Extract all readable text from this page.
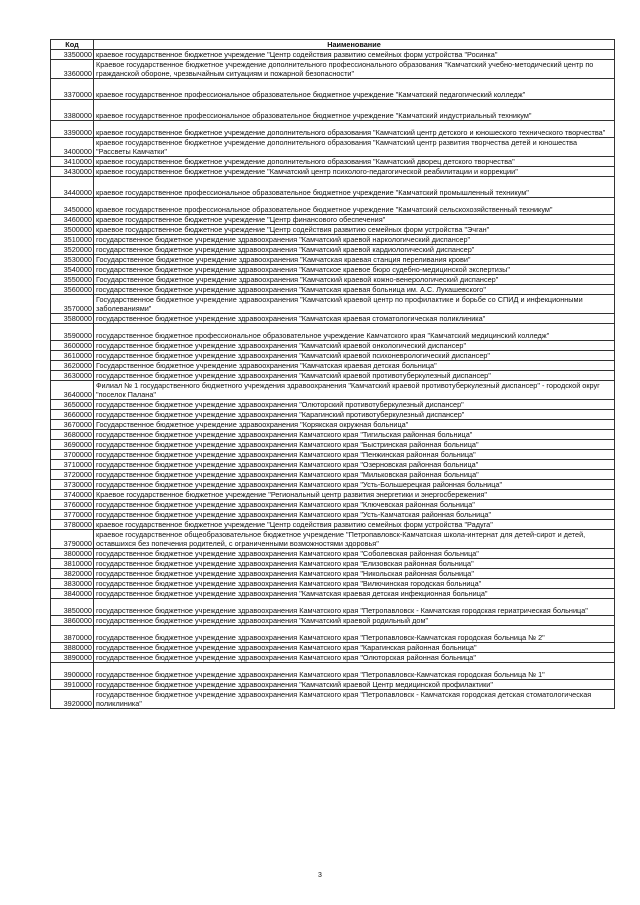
Код	Наименование
3350000	краевое государственное бюджетное учреждение "Центр содействия развитию семейных форм устройства "Росинка"
3360000	Краевое государственное бюджетное учреждение дополнительного профессионального образования "Камчатский учебно-методический центр по гражданской обороне, чрезвычайным ситуациям и пожарной безопасности"
3370000	краевое государственное профессиональное образовательное бюджетное учреждение "Камчатский педагогический колледж"
3380000	краевое государственное профессиональное образовательное бюджетное учреждение "Камчатский индустриальный техникум"
3390000	краевое государственное бюджетное учреждение дополнительного образования "Камчатский центр детского и юношеского технического творчества"
3400000	краевое государственное бюджетное учреждение дополнительного образования "Камчатский центр развития творчества детей и юношества "Рассветы Камчатки"
3410000	краевое государственное бюджетное учреждение дополнительного образования "Камчатский дворец детского творчества"
3430000	краевое государственное бюджетное учреждение "Камчатский центр психолого-педагогической реабилитации и коррекции"
3440000	краевое государственное профессиональное образовательное бюджетное учреждение "Камчатский промышленный техникум"
3450000	краевое государственное профессиональное образовательное бюджетное учреждение "Камчатский сельскохозяйственный техникум"
3460000	краевое государственное бюджетное учреждение "Центр финансового обеспечения"
3500000	краевое государственное бюджетное учреждение "Центр содействия развитию семейных форм устройства "Эчган"
3510000	государственное бюджетное учреждение здравоохранения "Камчатский краевой наркологический диспансер"
3520000	государственное бюджетное учреждение здравоохранения "Камчатский краевой кардиологический диспансер"
3530000	Государственное бюджетное учреждение здравоохранения "Камчатская краевая станция переливания крови"
3540000	государственное бюджетное учреждение здравоохранения "Камчатское краевое бюро судебно-медицинской экспертизы"
3550000	Государственное бюджетное учреждение здравоохранения "Камчатский краевой кожно-венерологический диспансер"
3560000	государственное бюджетное учреждение здравоохранения "Камчатская краевая больница им. А.С. Лукашевского"
3570000	Государственное бюджетное учреждение здравоохранения "Камчатский краевой центр по профилактике и борьбе со СПИД и инфекционными заболеваниями"
3580000	государственное бюджетное учреждение здравоохранения "Камчатская краевая стоматологическая поликлиника"
3590000	государственное бюджетное профессиональное образовательное учреждение Камчатского края "Камчатский медицинский колледж"
3600000	государственное бюджетное учреждение здравоохранения "Камчатский краевой онкологический диспансер"
3610000	государственное бюджетное учреждение здравоохранения "Камчатский краевой психоневрологический диспансер"
3620000	Государственное бюджетное учреждение здравоохранения "Камчатская краевая детская больница"
3630000	государственное бюджетное учреждение здравоохранения "Камчатский краевой противотуберкулезный диспансер"
3640000	Филиал № 1 государственного бюджетного учреждения здравоохранения "Камчатский краевой противотуберкулезный диспансер" - городской округ "поселок Палана"
3650000	государственное бюджетное учреждение здравоохранения "Олюторский противотуберкулезный диспансер"
3660000	государственное бюджетное учреждение здравоохранения "Карагинский противотуберкулезный диспансер"
3670000	Государственное бюджетное учреждение здравоохранения "Корякская окружная больница"
3680000	государственное бюджетное учреждение здравоохранения Камчатского края "Тигильская районная больница"
3690000	государственное бюджетное учреждение здравоохранения Камчатского края "Быстринская районная больница"
3700000	государственное бюджетное учреждение здравоохранения Камчатского края "Пенжинская районная больница"
3710000	государственное бюджетное учреждение здравоохранения Камчатского края "Озерновская районная больница"
3720000	государственное бюджетное учреждение здравоохранения Камчатского края "Мильковская районная больница"
3730000	государственное бюджетное учреждение здравоохранения Камчатского края "Усть-Большерецкая районная больница"
3740000	Краевое государственное бюджетное учреждение "Региональный центр развития энергетики и энергосбережения"
3760000	государственное бюджетное учреждение здравоохранения Камчатского края "Ключевская районная больница"
3770000	государственное бюджетное учреждение здравоохранения Камчатского края "Усть-Камчатская районная больница"
3780000	краевое государственное бюджетное учреждение "Центр содействия развитию семейных форм устройства "Радуга"
3790000	краевое государственное общеобразовательное бюджетное учреждение "Петропавловск-Камчатская школа-интернат для детей-сирот и детей, оставшихся без попечения родителей, с ограниченными возможностями здоровья"
3800000	государственное бюджетное учреждение здравоохранения Камчатского края "Соболевская районная больница"
3810000	государственное бюджетное учреждение здравоохранения Камчатского края "Елизовская районная больница"
3820000	государственное бюджетное учреждение здравоохранения Камчатского края "Никольская районная больница"
3830000	государственное бюджетное учреждение здравоохранения Камчатского края "Вилючинская городская больница"
3840000	государственное бюджетное учреждение здравоохранения "Камчатская краевая детская инфекционная больница"
3850000	государственное бюджетное учреждение здравоохранения Камчатского края "Петропавловск - Камчатская городская гериатрическая больница"
3860000	государственное бюджетное учреждение здравоохранения "Камчатский краевой родильный дом"
3870000	государственное бюджетное учреждение здравоохранения Камчатского края "Петропавловск-Камчатская городская больница № 2"
3880000	государственное бюджетное учреждение здравоохранения Камчатского края "Карагинская районная больница"
3890000	государственное бюджетное учреждение здравоохранения Камчатского края "Олюторская районная больница"
3900000	государственное бюджетное учреждение здравоохранения Камчатского края "Петропавловск-Камчатская городская больница № 1"
3910000	государственное бюджетное учреждение здравоохранения "Камчатский краевой Центр медицинской профилактики"
3920000	государственное бюджетное учреждение здравоохранения Камчатского края "Петропавловск - Камчатская городская детская стоматологическая поликлиника"
3
